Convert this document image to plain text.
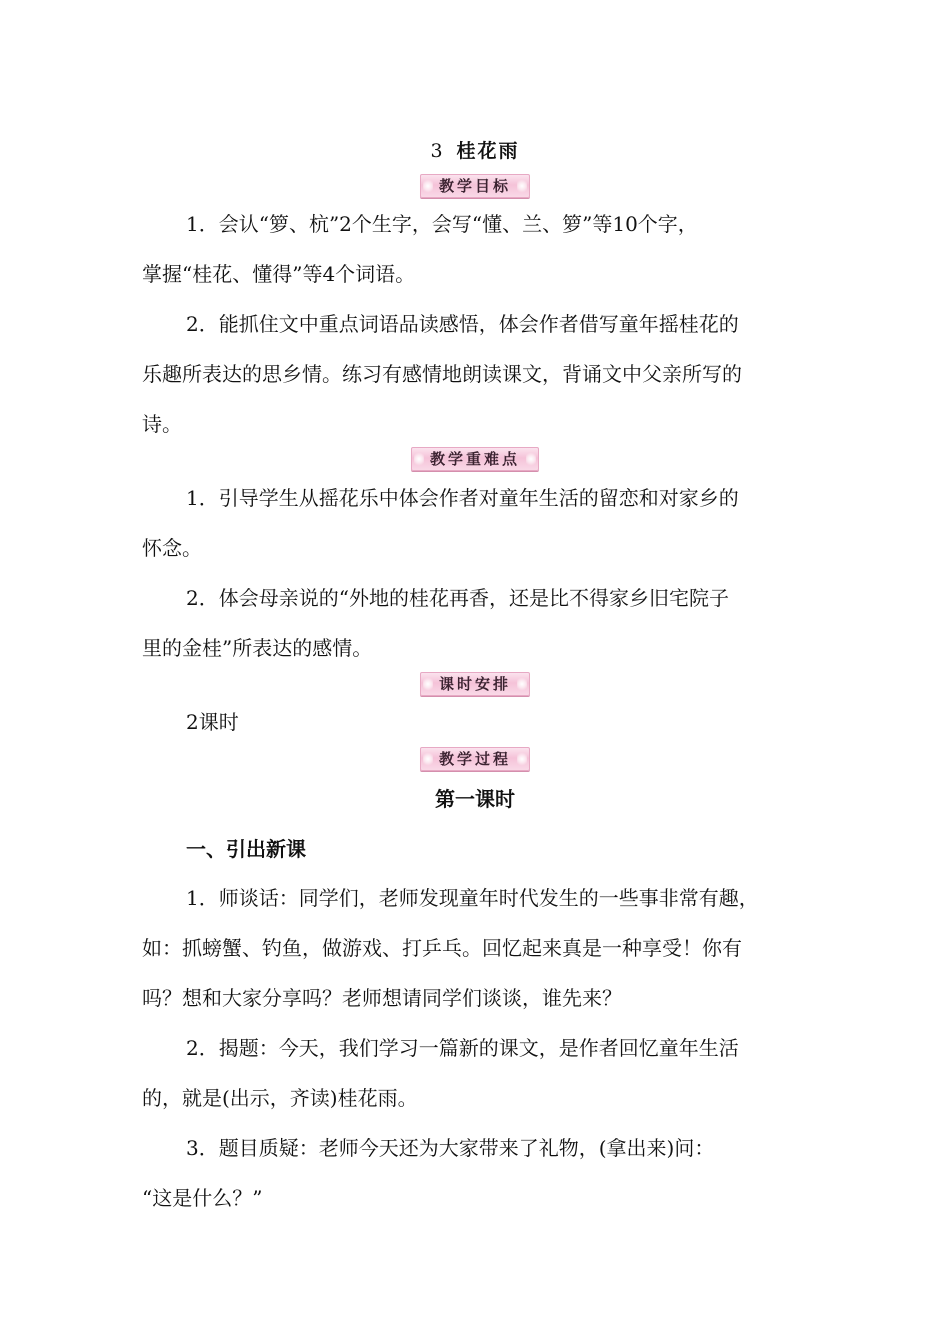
3 桂花雨
教学目标
1．会认“箩、杭”2个生字，会写“懂、兰、箩”等10个字，
掌握“桂花、懂得”等4个词语。
2．能抓住文中重点词语品读感悟，体会作者借写童年摇桂花的
乐趣所表达的思乡情。练习有感情地朗读课文，背诵文中父亲所写的
诗。
教学重难点
1．引导学生从摇花乐中体会作者对童年生活的留恋和对家乡的
怀念。
2．体会母亲说的“外地的桂花再香，还是比不得家乡旧宅院子
里的金桂”所表达的感情。
课时安排
2课时
教学过程
第一课时
一、引出新课
1．师谈话：同学们，老师发现童年时代发生的一些事非常有趣，
如：抓螃蟹、钓鱼，做游戏、打乒乓。回忆起来真是一种享受！你有
吗？想和大家分享吗？老师想请同学们谈谈，谁先来？
2．揭题：今天，我们学习一篇新的课文，是作者回忆童年生活
的，就是(出示，齐读)桂花雨。
3．题目质疑：老师今天还为大家带来了礼物，(拿出来)问：
“这是什么？”
